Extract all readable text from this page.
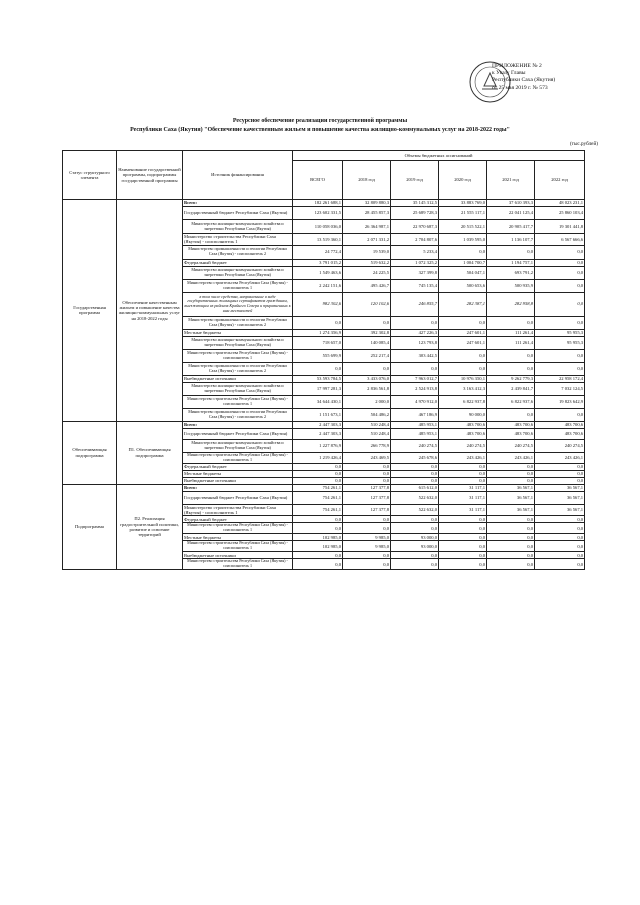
ПРИЛОЖЕНИЕ № 2
к Указу Главы
Республики Саха (Якутия)
от 25 мая 2019 г. № 573
Ресурсное обеспечение реализации государственной программы
Республики Саха (Якутия) "Обеспечение качественным жильем и повышение качества жилищно-коммунальных услуг на 2018-2022 годы"
(тыс.рублей)
Статус структурного элемента	Наименование государственной программы, подпрограммы государственной программы	Источник финансирования	Объемы бюджетных ассигнований					
			ВСЕГО	2018 год	2019 год	2020 год	2021 год	2022 год
Государственная программа	Обеспечение качественным жильем и повышение качества жилищно-коммунальных услуг на 2018-2022 годы	Всего:	182 261 688,1	32 809 880,3	35 145 312,5	33 883 769,0	37 610 393,3	48 023 231,1
		Государственный бюджет Республики Саха (Якутия)	123 602 331,5	28 455 857,3	25 689 728,3	21 555 117,1	22 041 125,4	25 860 103,4
		Министерство жилищно-коммунального хозяйства и энергетики Республики Саха (Якутия)	110 058 036,0	26 364 987,1	22 970 687,3	20 515 522,1	20 905 417,7	19 301 441,8
		Министерство строительства Республики Саха (Якутия) - соисполнитель 1	13 519 360,1	2 071 331,2	2 704 807,6	1 039 595,0	1 136 107,7	6 567 666,6
		Министерство промышленности и геологии Республики Саха (Якутия) - соисполнитель 2	24 772,4	19 539,0	5 233,4	0,0	0,0	0,0
		Федеральный бюджет	3 791 015,2	519 632,2	1 072 325,2	1 004 700,7	1 194 757,1	0,0
		Министерство жилищно-коммунального хозяйства и энергетики Республики Саха (Якутия)	1 549 463,6	24 225,5	327 399,8	504 047,1	693 791,2	0,0
		Министерство строительства Республики Саха (Якутия) - соисполнитель 1	2 242 151,6	495 426,7	745 135,4	500 653,6	500 935,9	0,0
		в том числе средства, направленные в виде государственных жилищных сертификатов гражданам, выезжающим из районов Крайнего Севера и приравненных к ним местностей	982 302,6	120 102,6	246 855,7	282 387,1	282 958,8	0,0
		Министерство промышленности и геологии Республики Саха (Якутия) - соисполнитель 2	0,0	0,0	0,0	0,0	0,0	0,0
		Местные бюджеты	1 274 356,9	392 302,8	427 226,3	247 601,1	111 261,4	95 955,3
		Министерство жилищно-коммунального хозяйства и энергетики Республики Саха (Якутия)	718 657,0	140 085,4	123 793,8	247 601,1	111 261,4	95 955,3
		Министерство строительства Республики Саха (Якутия) - соисполнитель 1	555 699,9	252 217,4	303 442,5	0,0	0,0	0,0
		Министерство промышленности и геологии Республики Саха (Якутия) - соисполнитель 2	0,0	0,0	0,0	0,0	0,0	0,0
		Внебюджетные источники	53 593 784,5	3 433 076,0	7 963 012,7	10 976 350,1	9 262 779,3	22 958 172,4
		Министерство жилищно-коммунального хозяйства и энергетики Республики Саха (Якутия)	17 997 281,3	2 836 561,8	2 524 913,8	3 163 412,3	2 439 841,7	7 032 124,5
		Министерство строительства Республики Саха (Якутия) - соисполнитель 1	34 644 430,1	2 000,0	4 970 912,0	6 822 937,8	6 822 937,6	19 823 642,9
		Министерство промышленности и геологии Республики Саха (Якутия) - соисполнитель 2	1 151 673,1	504 486,2	467 186,9	90 000,0	0,0	0,0
Обеспечивающая подпрограмма	П1. Обеспечивающая подпрограмма	Всего:	2 447 303,3	510 248,4	485 953,1	483 700,6	483 700,6	483 700,6
		Государственный бюджет Республики Саха (Якутия)	2 447 303,3	510 248,4	485 953,1	483 700,6	483 700,6	483 700,6
		Министерство жилищно-коммунального хозяйства и энергетики Республики Саха (Якутия)	1 227 876,9	266 778,9	240 274,5	240 274,5	240 274,5	240 274,5
		Министерство строительства Республики Саха (Якутия) - соисполнитель 1	1 219 426,4	243 469,5	245 678,6	243 426,1	243 426,1	243 426,1
		Федеральный бюджет	0,0	0,0	0,0	0,0	0,0	0,0
		Местные бюджеты	0,0	0,0	0,0	0,0	0,0	0,0
		Внебюджетные источники	0,0	0,0	0,0	0,0	0,0	0,0
Подпрограмма	П2. Реализация градостроительной политики, развитие и освоение территорий	Всего:	754 261,1	127 377,8	615 612,0	31 117,1	36 567,1	36 567,1
		Государственный бюджет Республики Саха (Якутия)	754 261,1	127 377,8	522 632,0	31 117,1	36 567,1	36 567,1
		Министерство строительства Республики Саха (Якутия) - соисполнитель 1	754 261,1	127 377,8	522 632,0	31 117,1	36 567,1	36 567,1
		Федеральный бюджет	0,0	0,0	0,0	0,0	0,0	0,0
		Министерство строительства Республики Саха (Якутия) - соисполнитель 1	0,0	0,0	0,0	0,0	0,0	0,0
		Местные бюджеты	102 985,0	9 985,0	93 000,0	0,0	0,0	0,0
		Министерство строительства Республики Саха (Якутия) - соисполнитель 1	102 985,0	9 985,0	93 000,0	0,0	0,0	0,0
		Внебюджетные источники	0,0	0,0	0,0	0,0	0,0	0,0
		Министерство строительства Республики Саха (Якутия) - соисполнитель 1	0,0	0,0	0,0	0,0	0,0	0,0
